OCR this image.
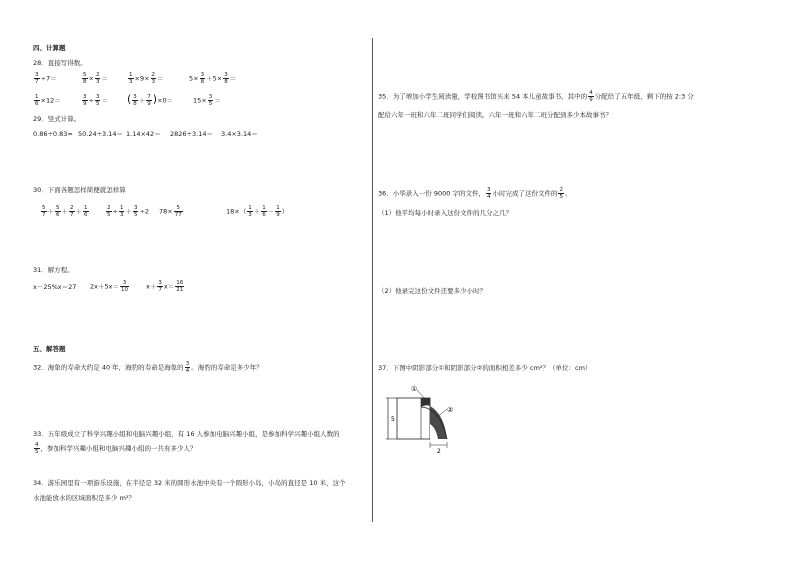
四、计算题
28．直接写得数。
$\frac{3}{7} \div 7=$	$\frac{5}{8} \times \frac{2}{3}$ ＝	$\frac{1}{3} \times 9\times \frac{2}{3}$ ＝	$5\times \frac{3}{8} +5\times \frac{3}{8}$ ＝
$\frac{1}{6} \times 12=$	$\frac{3}{9} \div \frac{3}{5}$ ＝ ( $\frac{3}{8} + \frac{7}{9} )\times 0=$	$15\times \frac{3}{5}$ ＝
29．竖式计算。
0.86÷0.83≈ 50.24÷3.14＝ 1.14×42＝ 2826÷3.14＝ 3.4×3.14＝
30．下面各题怎样简便就怎样算
$\frac{5}{7} + \frac{5}{6} + \frac{2}{7} + \frac{1}{6}$	$\frac{2}{5} \div \frac{1}{3} + \frac{3}{5} \div 2$ $78\times \frac{5}{77}$	$18\times( \frac{1}{3} + \frac{1}{6} - \frac{1}{9}$ ）
31．解方程。
x－25%x＝27 $2x+5x= \frac{3}{10}$	$x+ \frac{3}{7} x= \frac{16}{21}$
五、解答题
32．海象的寿命大约是 40 年，海豹的寿命是海象的 $\frac{3}{4}$ 。海豹的寿命是多少年？
33．五年级成立了科学兴趣小组和电脑兴趣小组，有 16 人参加电脑兴趣小组，是参加科学兴趣小组人数的
$\frac{4}{5}$ ，参加科学兴趣小组和电脑兴趣小组的一共有多少人？
34．游乐园里有一项游乐设施，在半径是 32 米的圆形水池中央有一个圆形小岛，小岛的直径是 10 米，这个
水池能放水的区域面积是多少 m²？
35．为了增加小学生阅读量，学校图书馆买来 54 本儿童故事书，其中的 $\frac{4}{9}$ 分配给了五年级，剩下的按 2:3 分
配给六年一班和六年二班同学们阅读。六年一班和六年二班分配到多少本故事书？
36．小华录入一份 9000 字的文件， $\frac{3}{4}$ 小时完成了这份文件的 $\frac{2}{5}$ 。
（1）他平均每小时录入这份文件的几分之几？
（2）他录完这份文件还要多少小时？
37．下图中阴影部分①和阴影部分②的面积相差多少 cm²？（单位：cm）
①
②
5
2
